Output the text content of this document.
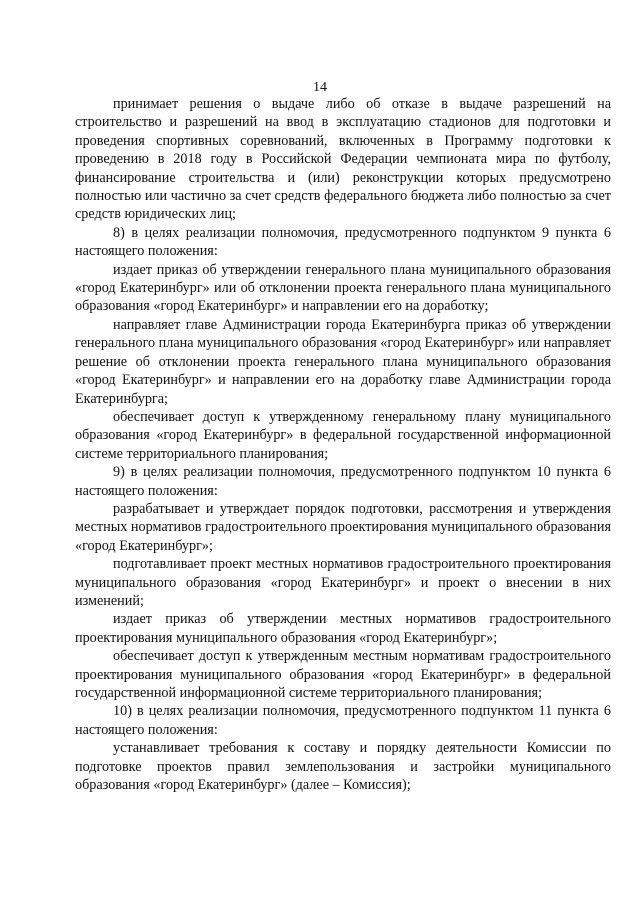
14

принимает решения о выдаче либо об отказе в выдаче разрешений на строительство и разрешений на ввод в эксплуатацию стадионов для подготовки и проведения спортивных соревнований, включенных в Программу подготовки к проведению в 2018 году в Российской Федерации чемпионата мира по футболу, финансирование строительства и (или) реконструкции которых предусмотрено полностью или частично за счет средств федерального бюджета либо полностью за счет средств юридических лиц;

8) в целях реализации полномочия, предусмотренного подпунктом 9 пункта 6 настоящего положения:

издает приказ об утверждении генерального плана муниципального образования «город Екатеринбург» или об отклонении проекта генерального плана муниципального образования «город Екатеринбург» и направлении его на доработку;

направляет главе Администрации города Екатеринбурга приказ об утверждении генерального плана муниципального образования «город Екатеринбург» или направляет решение об отклонении проекта генерального плана муниципального образования «город Екатеринбург» и направлении его на доработку главе Администрации города Екатеринбурга;

обеспечивает доступ к утвержденному генеральному плану муниципального образования «город Екатеринбург» в федеральной государственной информационной системе территориального планирования;

9) в целях реализации полномочия, предусмотренного подпунктом 10 пункта 6 настоящего положения:

разрабатывает и утверждает порядок подготовки, рассмотрения и утверждения местных нормативов градостроительного проектирования муниципального образования «город Екатеринбург»;

подготавливает проект местных нормативов градостроительного проектирования муниципального образования «город Екатеринбург» и проект о внесении в них изменений;

издает приказ об утверждении местных нормативов градостроительного проектирования муниципального образования «город Екатеринбург»;

обеспечивает доступ к утвержденным местным нормативам градостроительного проектирования муниципального образования «город Екатеринбург» в федеральной государственной информационной системе территориального планирования;

10) в целях реализации полномочия, предусмотренного подпунктом 11 пункта 6 настоящего положения:

устанавливает требования к составу и порядку деятельности Комиссии по подготовке проектов правил землепользования и застройки муниципального образования «город Екатеринбург» (далее – Комиссия);
